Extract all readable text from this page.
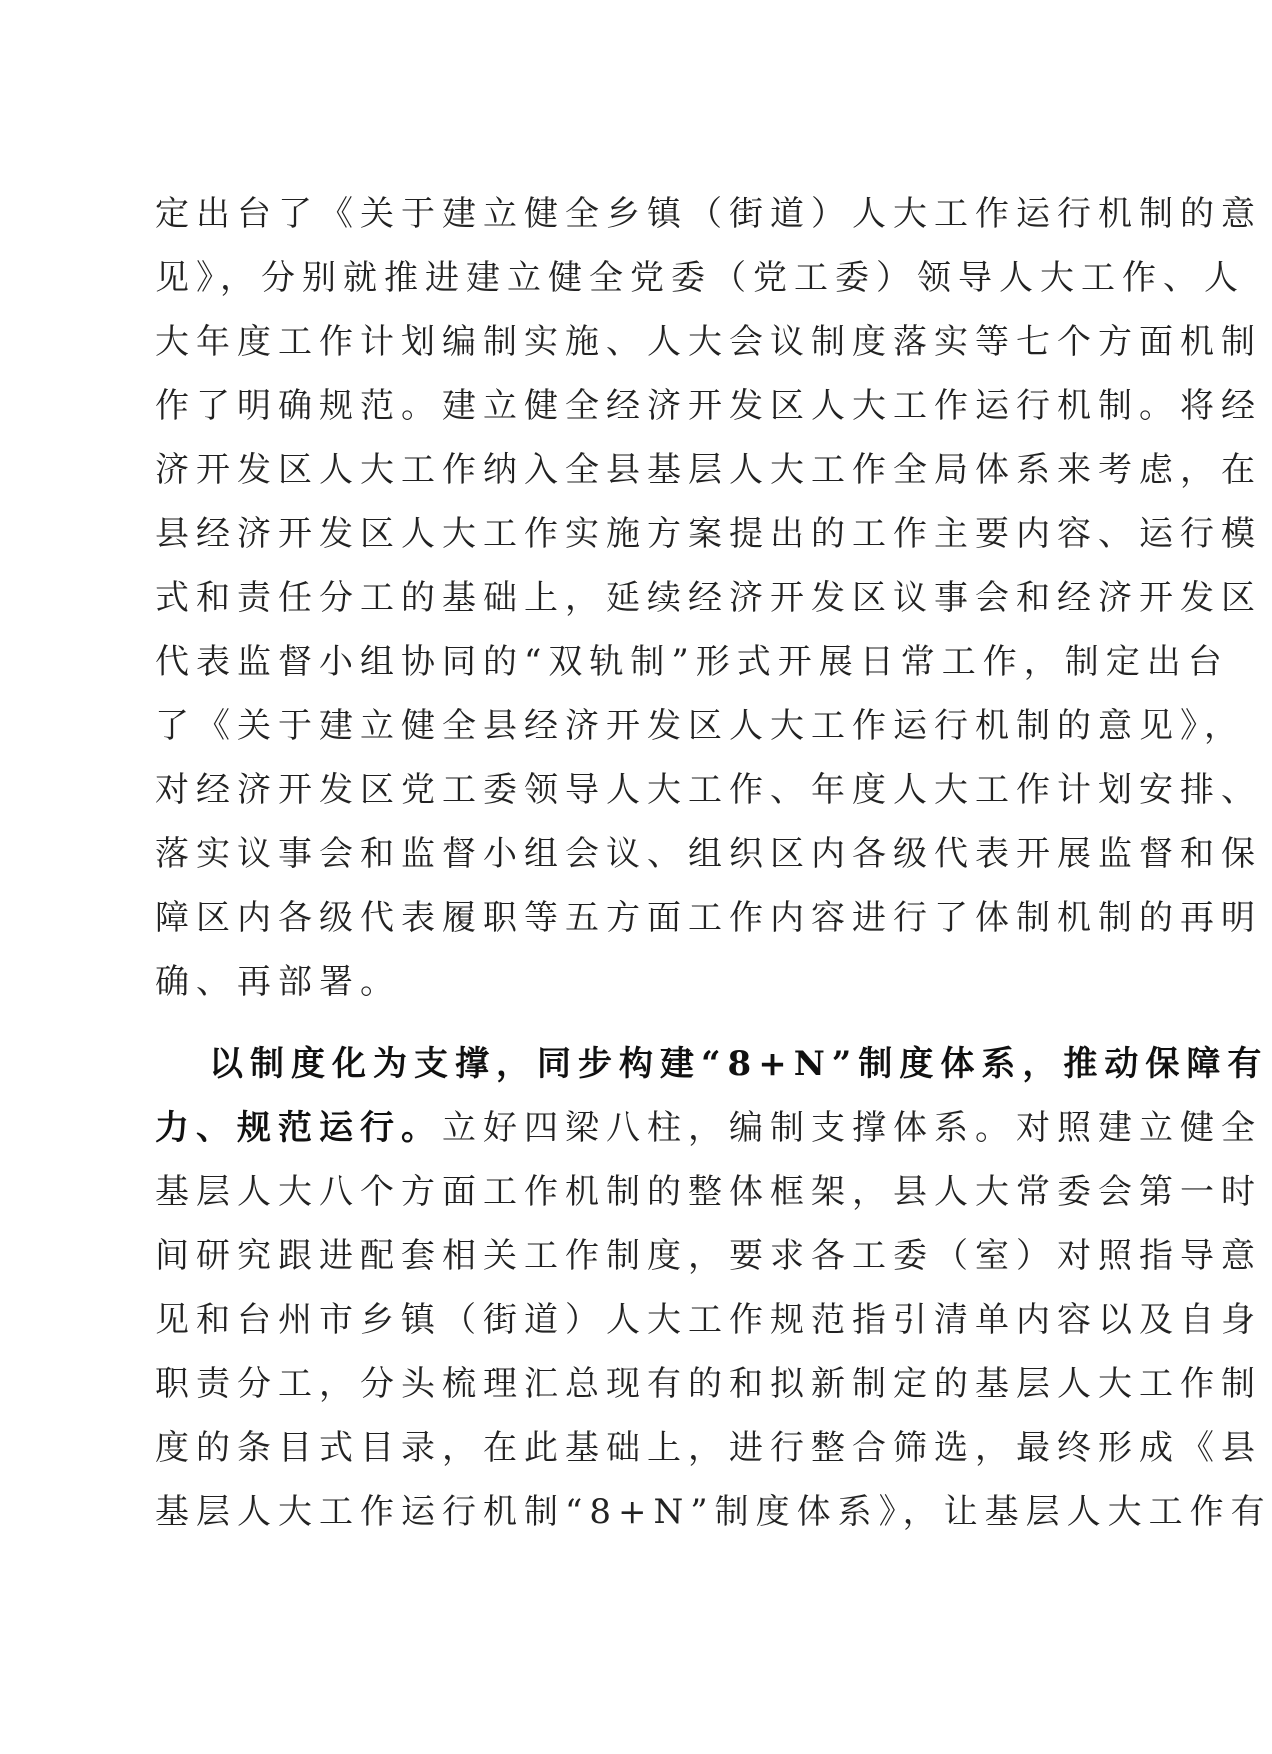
定出台了《关于建立健全乡镇（街道）人大工作运行机制的意
见》，分别就推进建立健全党委（党工委）领导人大工作、人
大年度工作计划编制实施、人大会议制度落实等七个方面机制
作了明确规范。建立健全经济开发区人大工作运行机制。将经
济开发区人大工作纳入全县基层人大工作全局体系来考虑，在
县经济开发区人大工作实施方案提出的工作主要内容、运行模
式和责任分工的基础上，延续经济开发区议事会和经济开发区
代表监督小组协同的“双轨制”形式开展日常工作，制定出台
了《关于建立健全县经济开发区人大工作运行机制的意见》，
对经济开发区党工委领导人大工作、年度人大工作计划安排、
落实议事会和监督小组会议、组织区内各级代表开展监督和保
障区内各级代表履职等五方面工作内容进行了体制机制的再明
确、再部署。
以制度化为支撑，同步构建“8+N”制度体系，推动保障有
力、规范运行。立好四梁八柱，编制支撑体系。对照建立健全
基层人大八个方面工作机制的整体框架，县人大常委会第一时
间研究跟进配套相关工作制度，要求各工委（室）对照指导意
见和台州市乡镇（街道）人大工作规范指引清单内容以及自身
职责分工，分头梳理汇总现有的和拟新制定的基层人大工作制
度的条目式目录，在此基础上，进行整合筛选，最终形成《县
基层人大工作运行机制“8+N”制度体系》，让基层人大工作有
